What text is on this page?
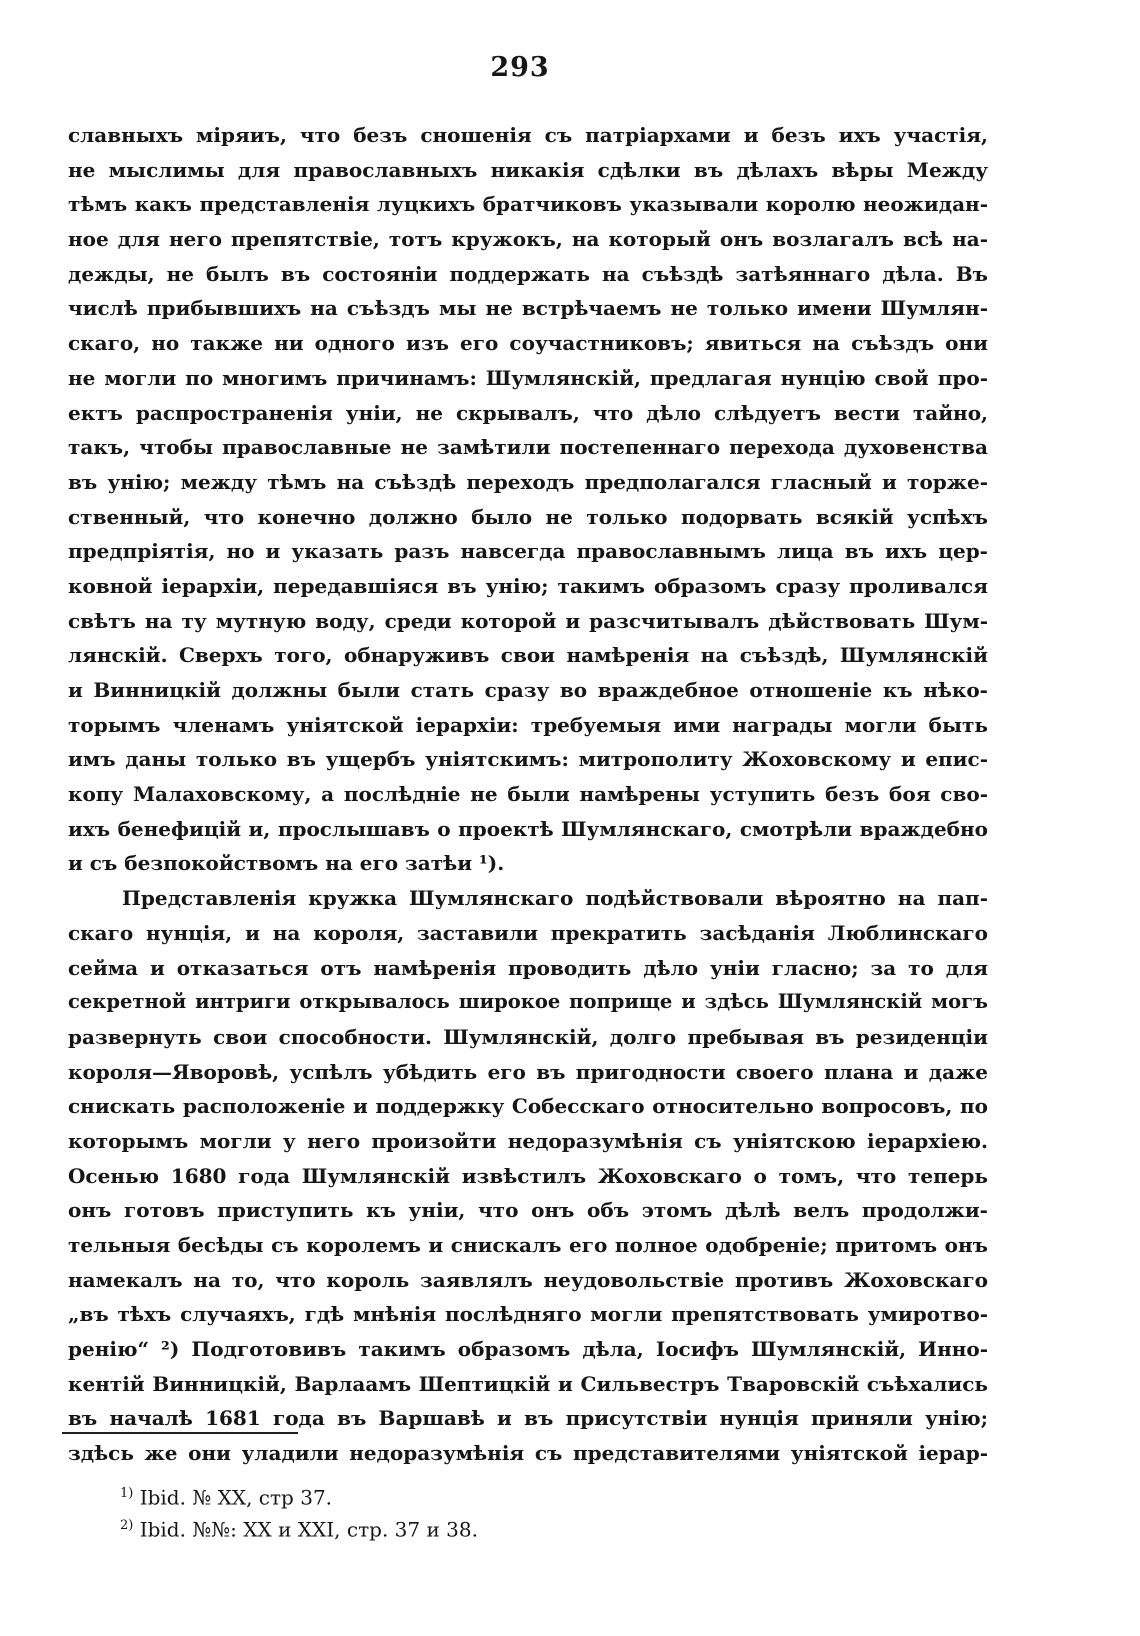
293
славныхъ міряиъ, что безъ сношенія съ патріархами и безъ ихъ участія,
не мыслимы для православныхъ никакія сдѣлки въ дѣлахъ вѣры Между
тѣмъ какъ представленія луцкихъ братчиковъ указывали королю неожидан-
ное для него препятствіе, тотъ кружокъ, на который онъ возлагалъ всѣ на-
дежды, не былъ въ состояніи поддержать на съѣздѣ затѣяннаго дѣла. Въ
числѣ прибывшихъ на съѣздъ мы не встрѣчаемъ не только имени Шумлян-
скаго, но также ни одного изъ его соучастниковъ; явиться на съѣздъ они
не могли по многимъ причинамъ: Шумлянскій, предлагая нунцію свой про-
ектъ распространенія уніи, не скрывалъ, что дѣло слѣдуетъ вести тайно,
такъ, чтобы православные не замѣтили постепеннаго перехода духовенства
въ унію; между тѣмъ на съѣздѣ переходъ предполагался гласный и торже-
ственный, что конечно должно было не только подорвать всякій успѣхъ
предпріятія, но и указать разъ навсегда православнымъ лица въ ихъ цер-
ковной іерархіи, передавшіяся въ унію; такимъ образомъ сразу проливался
свѣтъ на ту мутную воду, среди которой и разсчитывалъ дѣйствовать Шум-
лянскій. Сверхъ того, обнаруживъ свои намѣренія на съѣздѣ, Шумлянскій
и Винницкій должны были стать сразу во враждебное отношеніе къ нѣко-
торымъ членамъ уніятской іерархіи: требуемыя ими награды могли быть
имъ даны только въ ущербъ уніятскимъ: митрополиту Жоховскому и епис-
копу Малаховскому, а послѣдніе не были намѣрены уступить безъ боя сво-
ихъ бенефицій и, прослышавъ о проектѣ Шумлянскаго, смотрѣли враждебно
и съ безпокойствомъ на его затѣи ¹).
Представленія кружка Шумлянскаго подѣйствовали вѣроятно на пап-
скаго нунція, и на короля, заставили прекратить засѣданія Люблинскаго
сейма и отказаться отъ намѣренія проводить дѣло уніи гласно; за то для
секретной интриги открывалось широкое поприще и здѣсь Шумлянскій могъ
развернуть свои способности. Шумлянскій, долго пребывая въ резиденціи
короля—Яворовѣ, успѣлъ убѣдить его въ пригодности своего плана и даже
снискать расположеніе и поддержку Собесскаго относительно вопросовъ, по
которымъ могли у него произойти недоразумѣнія съ уніятскою іерархіею.
Осенью 1680 года Шумлянскій извѣстилъ Жоховскаго о томъ, что теперь
онъ готовъ приступить къ уніи, что онъ объ этомъ дѣлѣ велъ продолжи-
тельныя бесѣды съ королемъ и снискалъ его полное одобреніе; притомъ онъ
намекалъ на то, что король заявлялъ неудовольствіе противъ Жоховскаго
„въ тѣхъ случаяхъ, гдѣ мнѣнія послѣдняго могли препятствовать умиротво-
ренію“ ²) Подготовивъ такимъ образомъ дѣла, Іосифъ Шумлянскій, Инно-
кентій Винницкій, Варлаамъ Шептицкій и Сильвестръ Тваровскій съѣхались
въ началѣ 1681 года въ Варшавѣ и въ присутствіи нунція приняли унію;
здѣсь же они уладили недоразумѣнія съ представителями уніятской іерар-
$^{1)}$ Ibid. № XX, стр 37.
$^{2)}$ Ibid. №№: XX и XXI, стр. 37 и 38.
